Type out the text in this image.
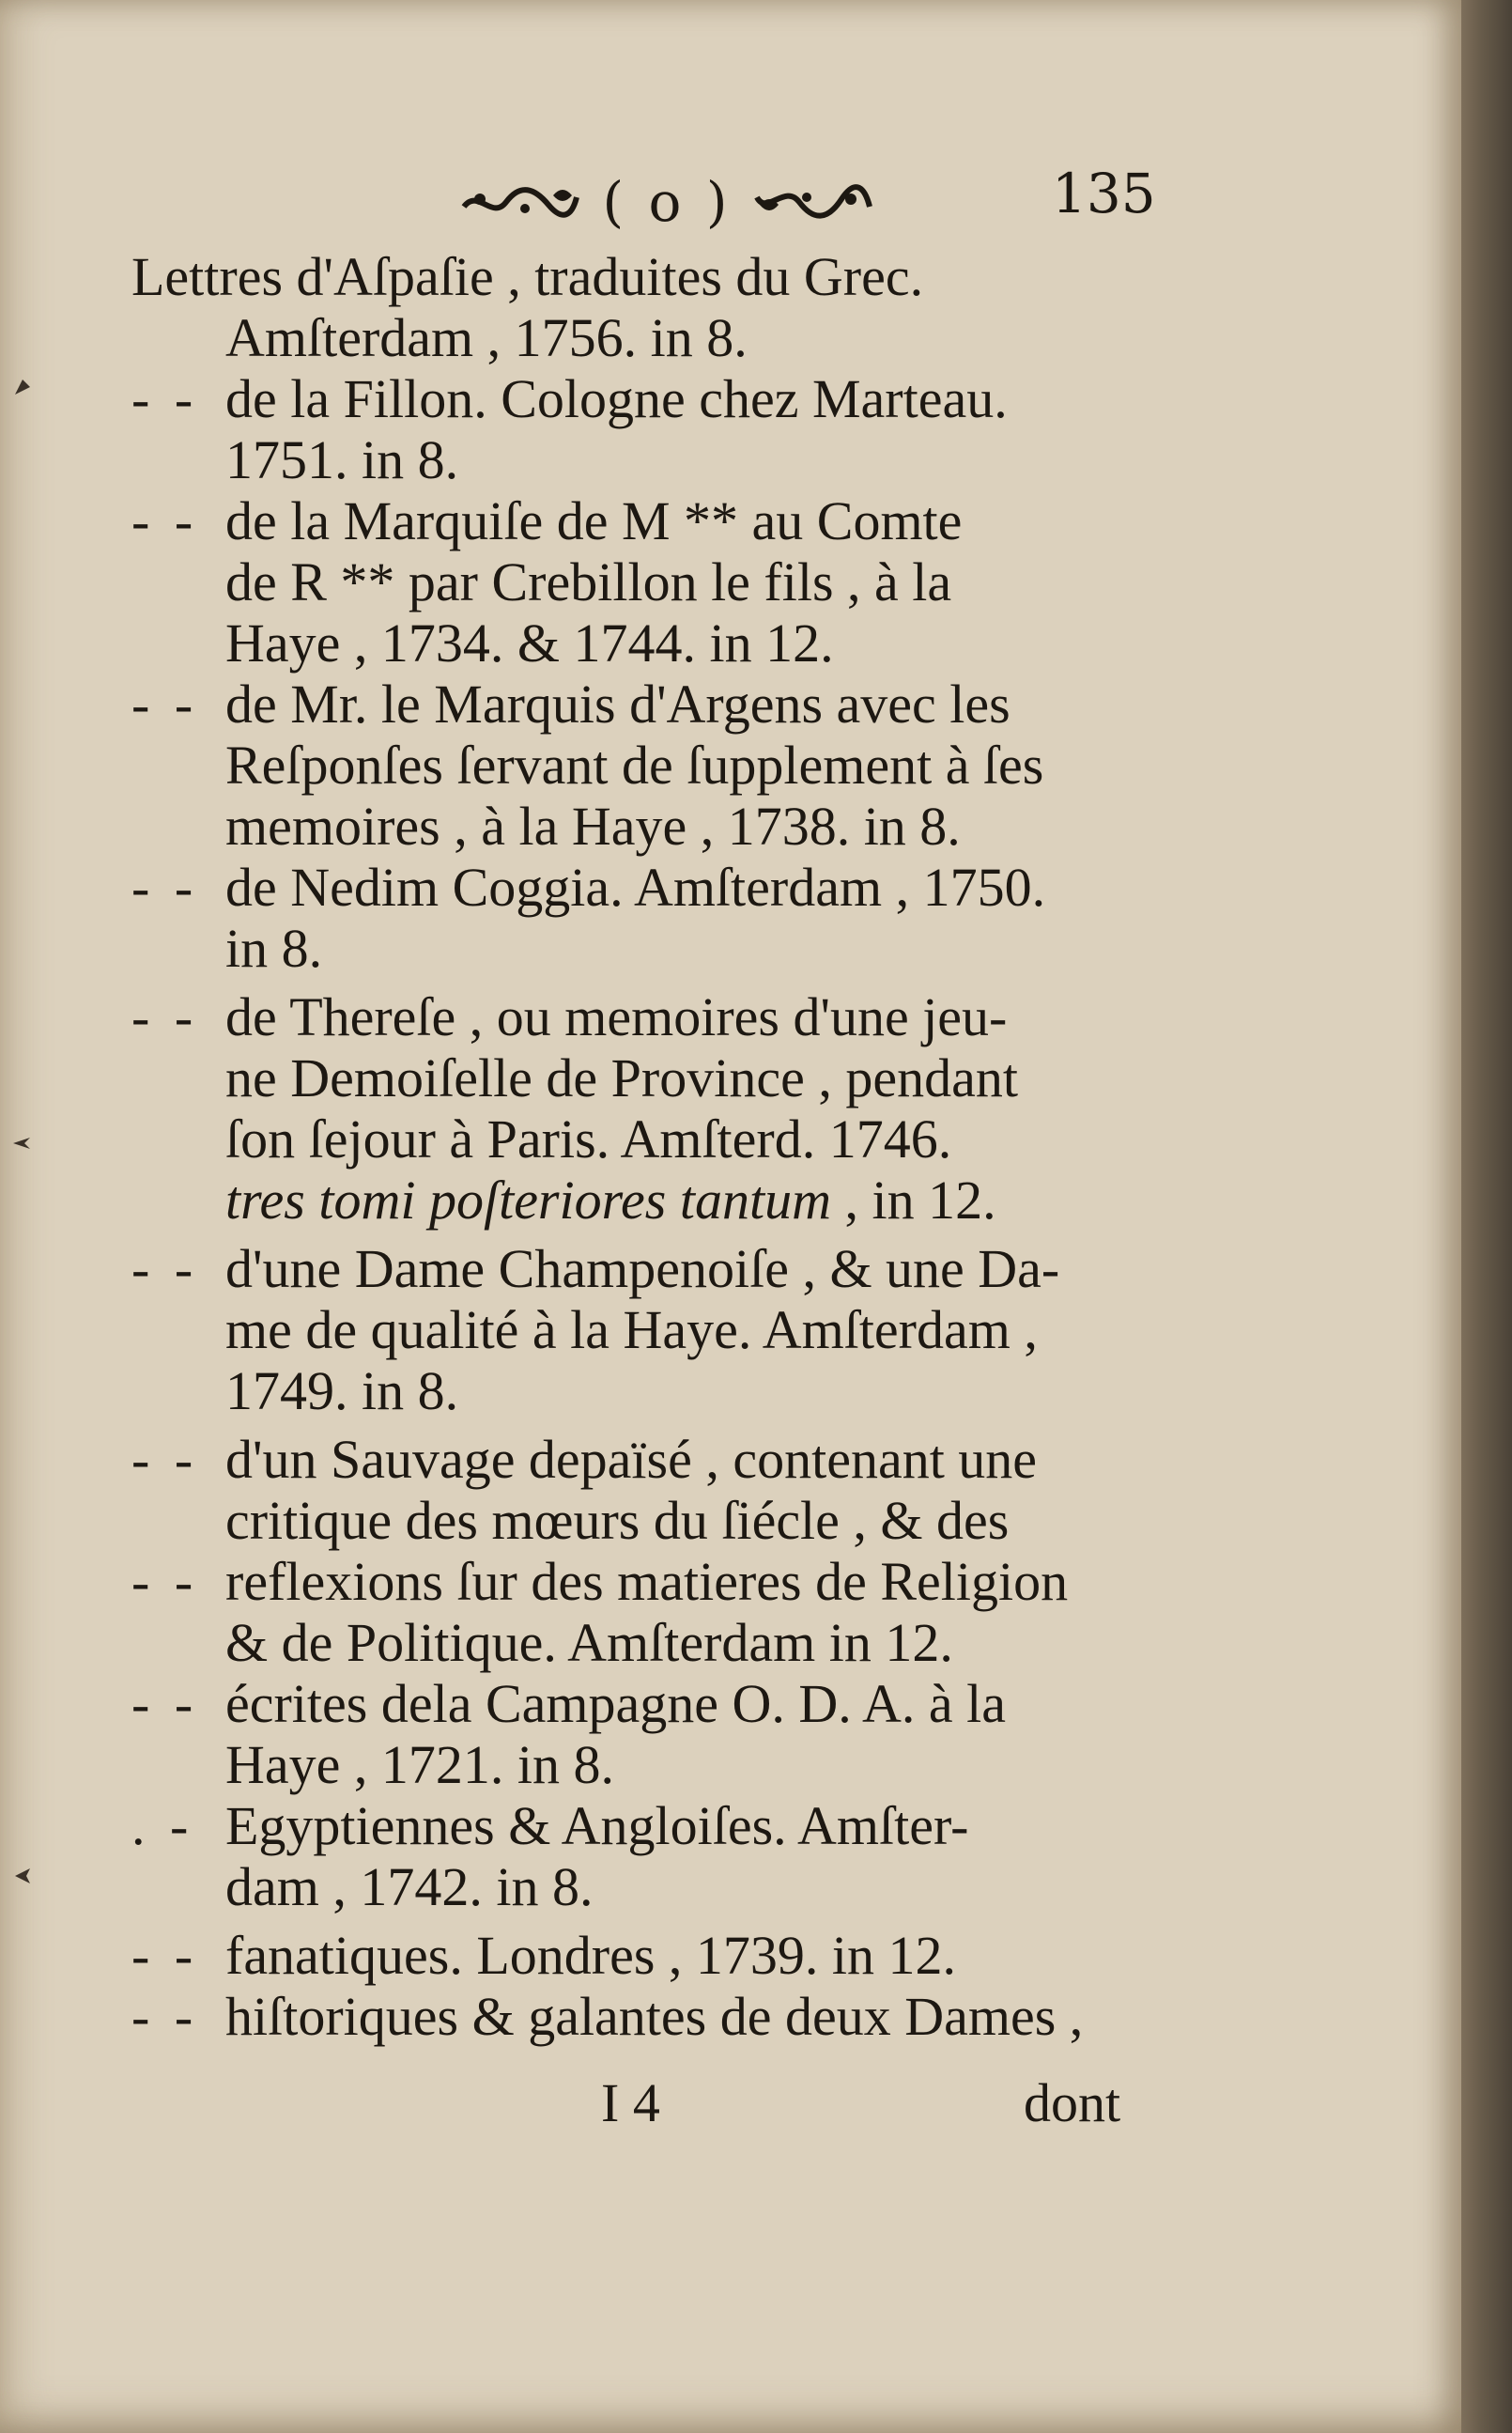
( o )	135
Lettres d'Aſpaſie , traduites du Grec.
Amſterdam , 1756. in 8.
- - de la Fillon. Cologne chez Marteau.
1751. in 8.
- - de la Marquiſe de M ** au Comte
de R ** par Crebillon le fils , à la
Haye , 1734. & 1744. in 12.
- - de Mr. le Marquis d'Argens avec les
Reſponſes ſervant de ſupplement à ſes
memoires , à la Haye , 1738. in 8.
- - de Nedim Coggia. Amſterdam , 1750.
in 8.
- - de Thereſe , ou memoires d'une jeu-
ne Demoiſelle de Province , pendant
ſon ſejour à Paris. Amſterd. 1746.
tres tomi poſteriores tantum , in 12.
- - d'une Dame Champenoiſe , & une Da-
me de qualité à la Haye. Amſterdam ,
1749. in 8.
- - d'un Sauvage depaïsé , contenant une
critique des mœurs du ſiécle , & des
- - reflexions ſur des matieres de Religion
& de Politique. Amſterdam in 12.
- - écrites dela Campagne O. D. A. à la
Haye , 1721. in 8.
. - Egyptiennes & Angloiſes. Amſter-
dam , 1742. in 8.
- - fanatiques. Londres , 1739. in 12.
- - hiſtoriques & galantes de deux Dames ,
I 4	dont
